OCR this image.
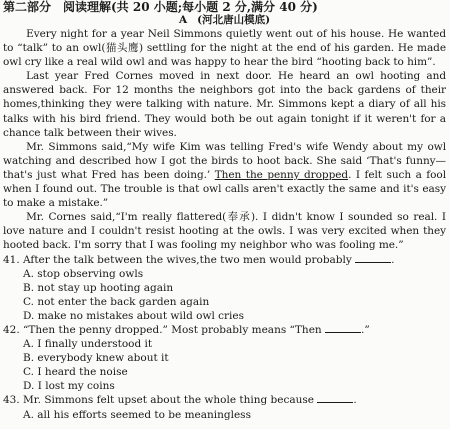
第二部分　阅读理解(共 20 小题;每小题 2 分,满分 40 分)

A (河北唐山模底)

Every night for a year Neil Simmons quietly went out of his house. He wanted to “talk” to an owl(猫头鹰) settling for the night at the end of his garden. He made owl cry like a real wild owl and was happy to hear the bird “hooting back to him”.

Last year Fred Cornes moved in next door. He heard an owl hooting and answered back. For 12 months the neighbors got into the back gardens of their homes,thinking they were talking with nature. Mr. Simmons kept a diary of all his talks with his bird friend. They would both be out again tonight if it weren't for a chance talk between their wives.

Mr. Simmons said,“My wife Kim was telling Fred's wife Wendy about my owl watching and described how I got the birds to hoot back. She said ‘That's funny—that's just what Fred has been doing.’ Then the penny dropped. I felt such a fool when I found out. The trouble is that owl calls aren't exactly the same and it's easy to make a mistake.”

Mr. Cornes said,“I'm really flattered(奉承). I didn't know I sounded so real. I love nature and I couldn't resist hooting at the owls. I was very excited when they hooted back. I'm sorry that I was fooling my neighbor who was fooling me.”

41. After the talk between the wives,the two men would probably	.

A. stop observing owls

B. not stay up hooting again

C. not enter the back garden again

D. make no mistakes about wild owl cries

42. “Then the penny dropped.” Most probably means “Then	.”

A. I finally understood it

B. everybody knew about it

C. I heard the noise

D. I lost my coins

43. Mr. Simmons felt upset about the whole thing because	.

A. all his efforts seemed to be meaningless
